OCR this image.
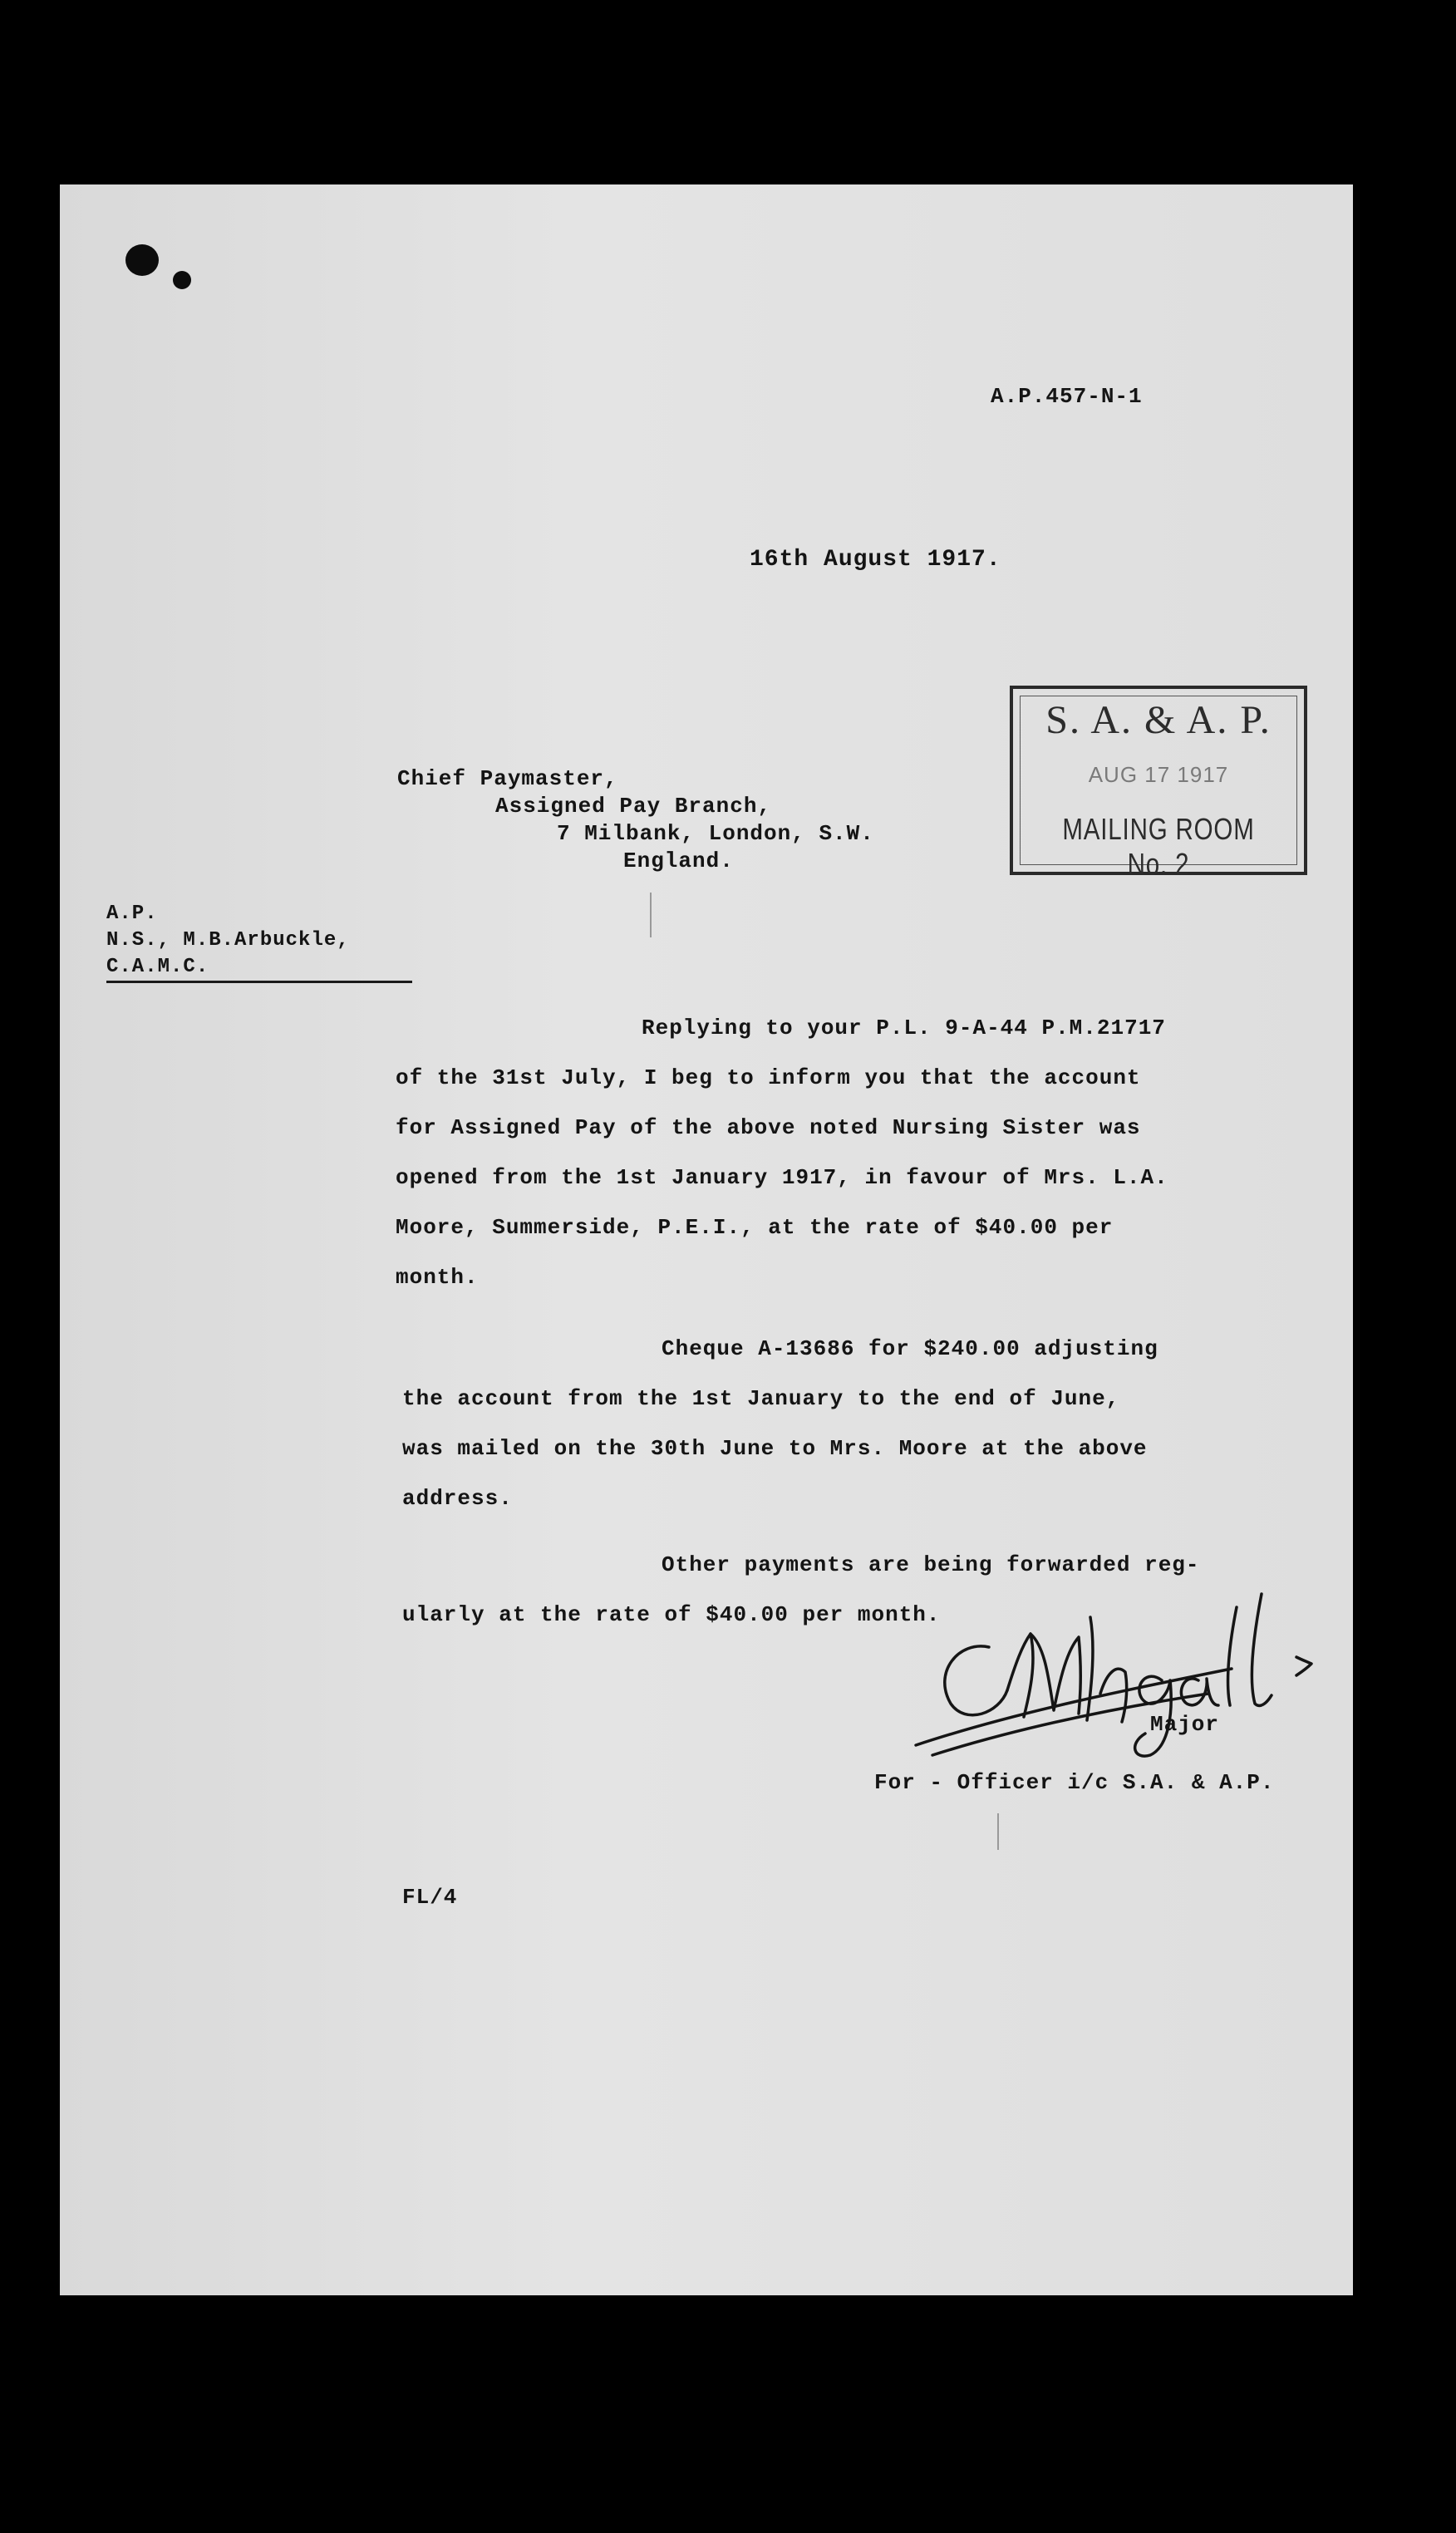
A.P.457-N-1
16th August 1917.
S. A. & A. P.
AUG 17 1917
MAILING ROOM No. 2
Chief Paymaster,
Assigned Pay Branch,
7 Milbank, London, S.W.
England.
A.P.
N.S., M.B.Arbuckle,
C.A.M.C.
Replying to your P.L. 9-A-44 P.M.21717
of the 31st July, I beg to inform you that the account
for Assigned Pay of the above noted Nursing Sister was
opened from the 1st January 1917, in favour of Mrs. L.A.
Moore, Summerside, P.E.I., at the rate of $40.00 per
month.
Cheque A-13686 for $240.00 adjusting
the account from the 1st January to the end of June,
was mailed on the 30th June to Mrs. Moore at the above
address.
Other payments are being forwarded reg-
ularly at the rate of $40.00 per month.
Major
For - Officer i/c S.A. & A.P.
FL/4
